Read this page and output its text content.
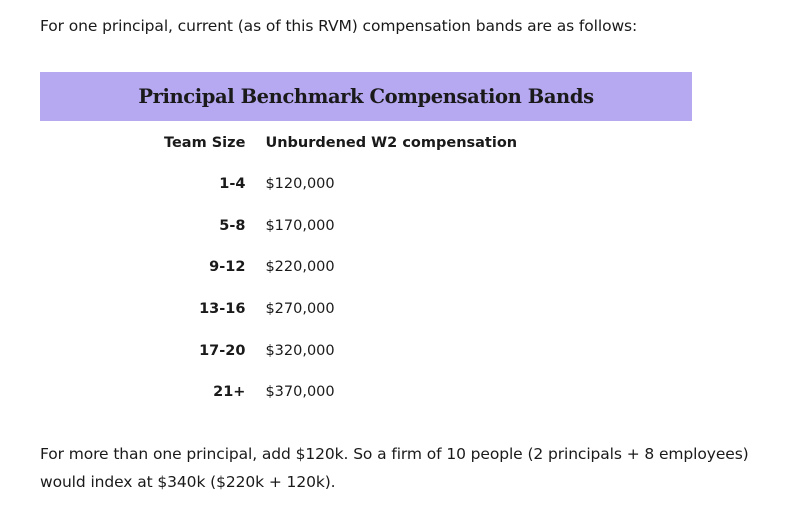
For one principal, current (as of this RVM) compensation bands are as follows:

Principal Benchmark Compensation Bands
Team Size	Unburdened W2 compensation
1-4	$120,000
5-8	$170,000
9-12	$220,000
13-16	$270,000
17-20	$320,000
21+	$370,000

For more than one principal, add $120k. So a firm of 10 people (2 principals + 8 employees) would index at $340k ($220k + 120k).
